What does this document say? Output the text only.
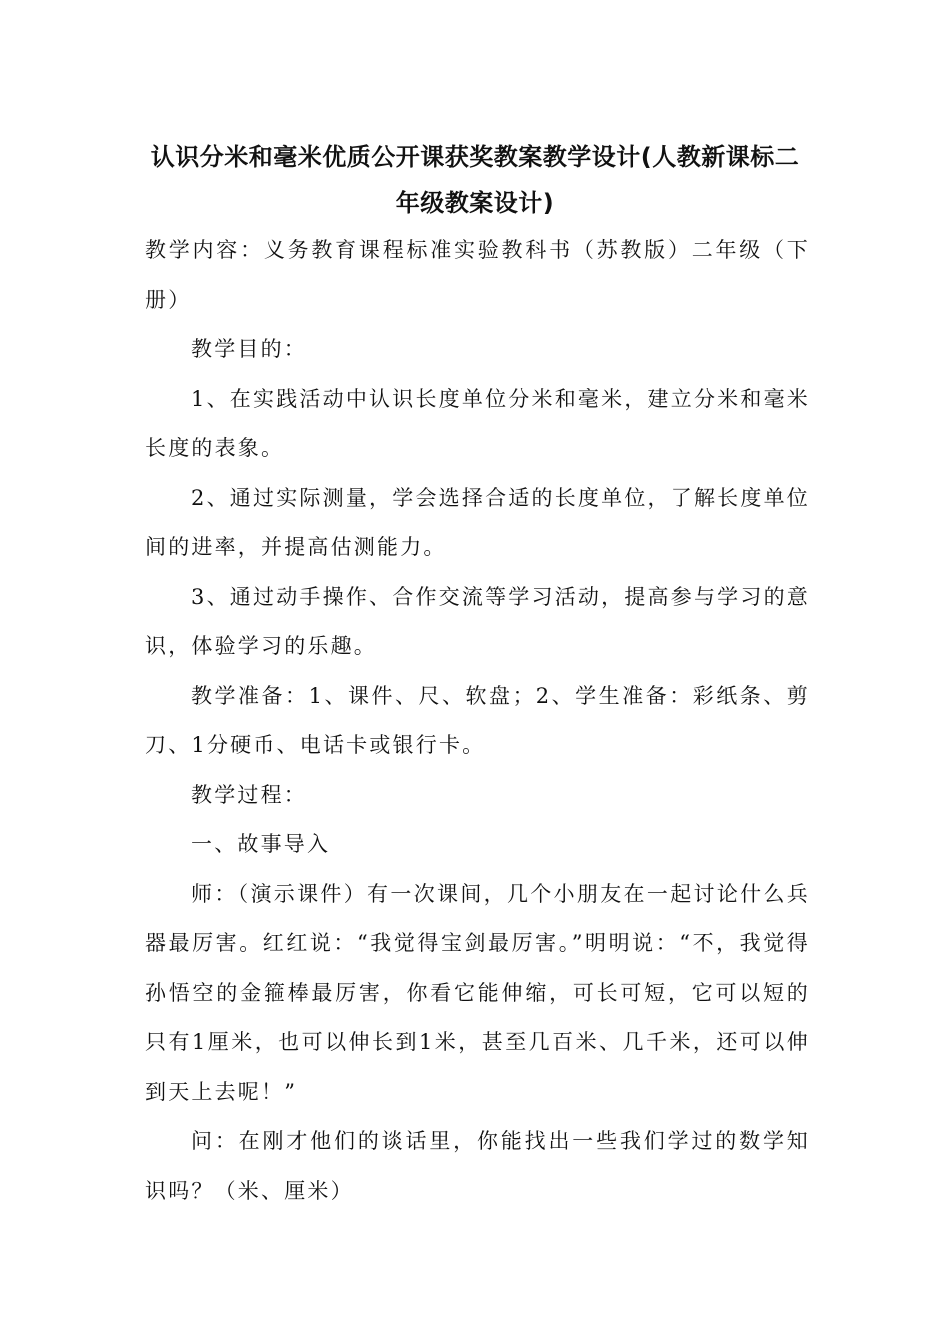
认识分米和毫米优质公开课获奖教案教学设计(人教新课标二年级教案设计)

教学内容：义务教育课程标准实验教科书（苏教版）二年级（下册）

教学目的：

1、在实践活动中认识长度单位分米和毫米，建立分米和毫米长度的表象。

2、通过实际测量，学会选择合适的长度单位，了解长度单位间的进率，并提高估测能力。

3、通过动手操作、合作交流等学习活动，提高参与学习的意识，体验学习的乐趣。

教学准备：1、课件、尺、软盘；2、学生准备：彩纸条、剪刀、1分硬币、电话卡或银行卡。

教学过程：

一、故事导入

师：（演示课件）有一次课间，几个小朋友在一起讨论什么兵器最厉害。红红说：“我觉得宝剑最厉害。”明明说：“不，我觉得孙悟空的金箍棒最厉害，你看它能伸缩，可长可短，它可以短的只有1厘米，也可以伸长到1米，甚至几百米、几千米，还可以伸到天上去呢！”

问：在刚才他们的谈话里，你能找出一些我们学过的数学知识吗？（米、厘米）
